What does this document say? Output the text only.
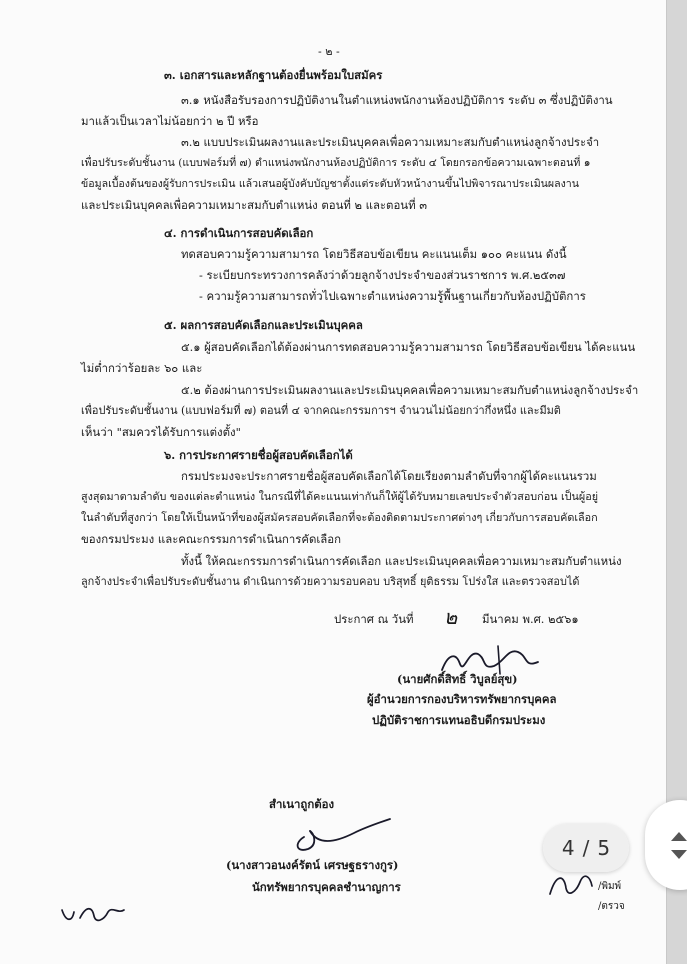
- ๒ -
๓. เอกสารและหลักฐานต้องยื่นพร้อมใบสมัคร
๓.๑ หนังสือรับรองการปฏิบัติงานในตำแหน่งพนักงานห้องปฏิบัติการ ระดับ ๓ ซึ่งปฏิบัติงาน
มาแล้วเป็นเวลาไม่น้อยกว่า ๒ ปี หรือ
๓.๒ แบบประเมินผลงานและประเมินบุคคลเพื่อความเหมาะสมกับตำแหน่งลูกจ้างประจำ
เพื่อปรับระดับชั้นงาน (แบบฟอร์มที่ ๗) ตำแหน่งพนักงานห้องปฏิบัติการ ระดับ ๔ โดยกรอกข้อความเฉพาะตอนที่ ๑
ข้อมูลเบื้องต้นของผู้รับการประเมิน แล้วเสนอผู้บังคับบัญชาตั้งแต่ระดับหัวหน้างานขึ้นไปพิจารณาประเมินผลงาน
และประเมินบุคคลเพื่อความเหมาะสมกับตำแหน่ง ตอนที่ ๒ และตอนที่ ๓
๔. การดำเนินการสอบคัดเลือก
ทดสอบความรู้ความสามารถ โดยวิธีสอบข้อเขียน คะแนนเต็ม ๑๐๐ คะแนน ดังนี้
- ระเบียบกระทรวงการคลังว่าด้วยลูกจ้างประจำของส่วนราชการ พ.ศ.๒๕๓๗
- ความรู้ความสามารถทั่วไปเฉพาะตำแหน่งความรู้พื้นฐานเกี่ยวกับห้องปฏิบัติการ
๕. ผลการสอบคัดเลือกและประเมินบุคคล
๕.๑ ผู้สอบคัดเลือกได้ต้องผ่านการทดสอบความรู้ความสามารถ โดยวิธีสอบข้อเขียน ได้คะแนน
ไม่ต่ำกว่าร้อยละ ๖๐ และ
๕.๒ ต้องผ่านการประเมินผลงานและประเมินบุคคลเพื่อความเหมาะสมกับตำแหน่งลูกจ้างประจำ
เพื่อปรับระดับชั้นงาน (แบบฟอร์มที่ ๗) ตอนที่ ๔ จากคณะกรรมการฯ จำนวนไม่น้อยกว่ากึ่งหนึ่ง และมีมติ
เห็นว่า "สมควรได้รับการแต่งตั้ง"
๖. การประกาศรายชื่อผู้สอบคัดเลือกได้
กรมประมงจะประกาศรายชื่อผู้สอบคัดเลือกได้โดยเรียงตามลำดับที่จากผู้ได้คะแนนรวม
สูงสุดมาตามลำดับ ของแต่ละตำแหน่ง ในกรณีที่ได้คะแนนเท่ากันก็ให้ผู้ได้รับหมายเลขประจำตัวสอบก่อน เป็นผู้อยู่
ในลำดับที่สูงกว่า โดยให้เป็นหน้าที่ของผู้สมัครสอบคัดเลือกที่จะต้องติดตามประกาศต่างๆ เกี่ยวกับการสอบคัดเลือก
ของกรมประมง และคณะกรรมการดำเนินการคัดเลือก
ทั้งนี้ ให้คณะกรรมการดำเนินการคัดเลือก และประเมินบุคคลเพื่อความเหมาะสมกับตำแหน่ง
ลูกจ้างประจำเพื่อปรับระดับชั้นงาน ดำเนินการด้วยความรอบคอบ บริสุทธิ์ ยุติธรรม โปร่งใส และตรวจสอบได้
ประกาศ ณ วันที่ ๒ มีนาคม พ.ศ. ๒๕๖๑
(นายศักดิ์สิทธิ์ วิบูลย์สุข)
ผู้อำนวยการกองบริหารทรัพยากรบุคคล
ปฏิบัติราชการแทนอธิบดีกรมประมง
สำเนาถูกต้อง
(นางสาวอนงค์รัตน์ เศรษฐธรางกูร)
นักทรัพยากรบุคคลชำนาญการ	/พิมพ์
/ตรวจ
4 / 5
